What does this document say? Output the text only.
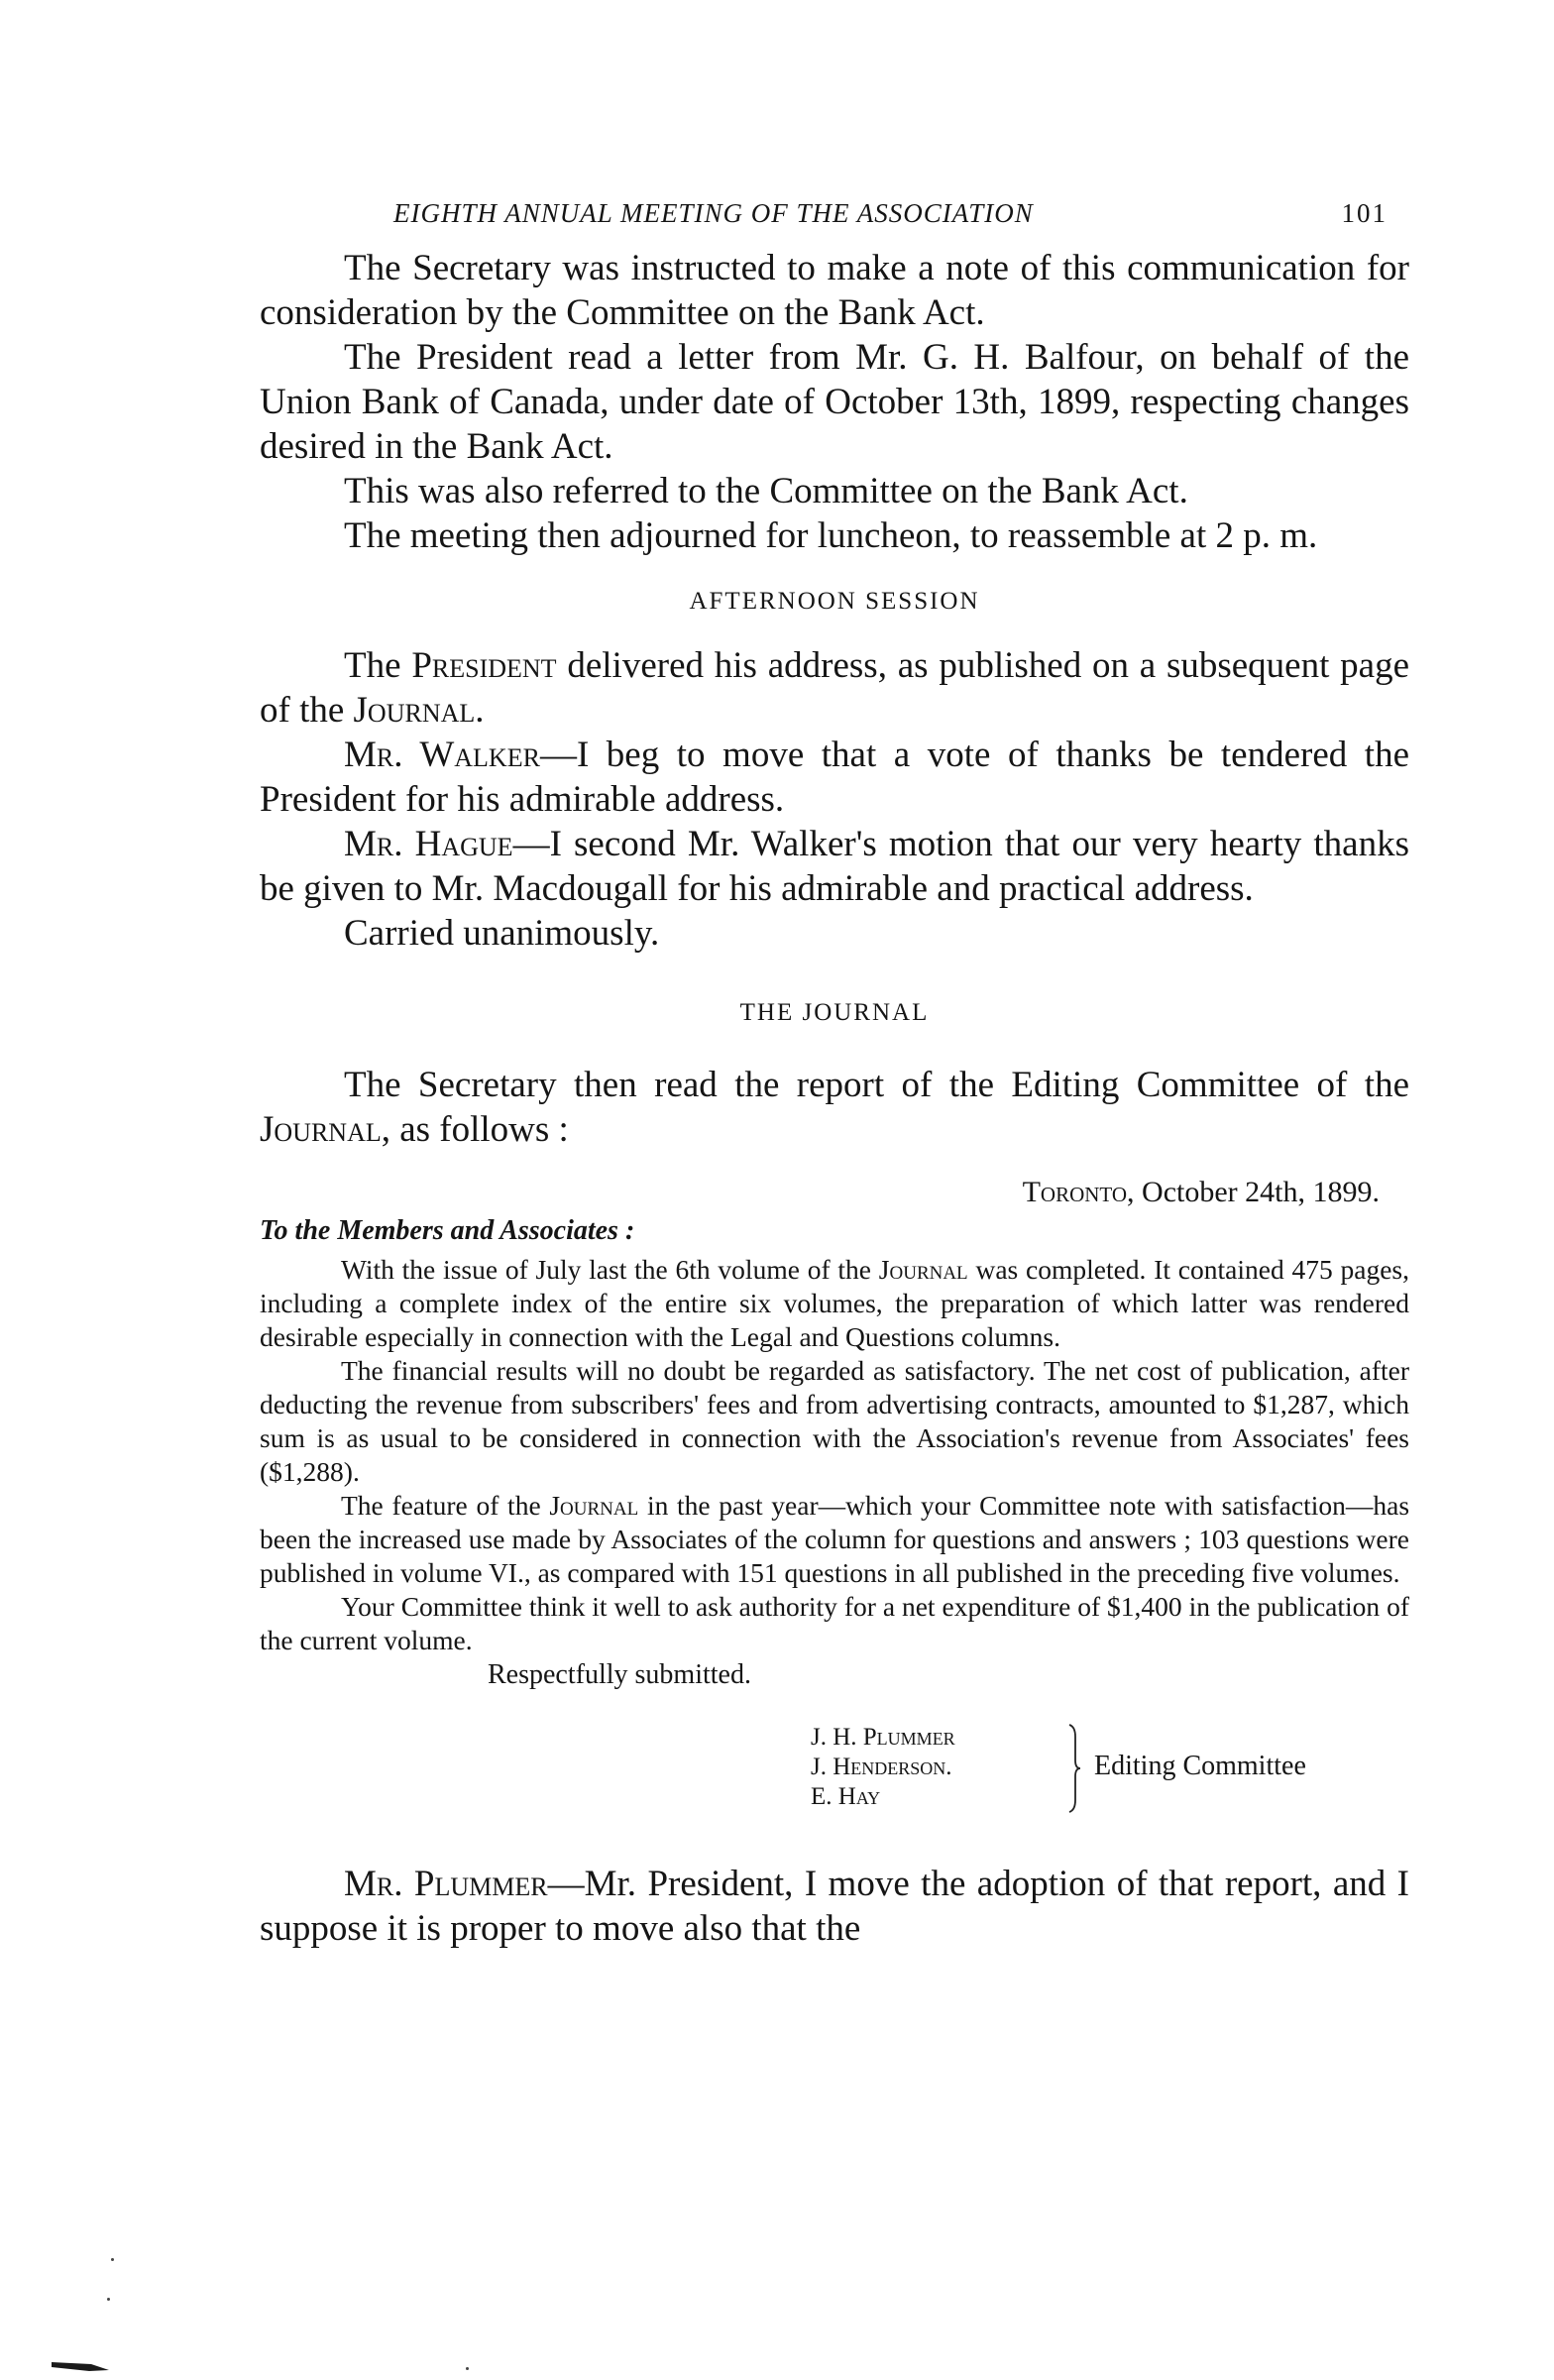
EIGHTH ANNUAL MEETING OF THE ASSOCIATION	101

The Secretary was instructed to make a note of this communication for consideration by the Committee on the Bank Act.

The President read a letter from Mr. G. H. Balfour, on behalf of the Union Bank of Canada, under date of October 13th, 1899, respecting changes desired in the Bank Act.

This was also referred to the Committee on the Bank Act.

The meeting then adjourned for luncheon, to reassemble at 2 p. m.

AFTERNOON SESSION

The President delivered his address, as published on a subsequent page of the Journal.

Mr. Walker—I beg to move that a vote of thanks be tendered the President for his admirable address.

Mr. Hague—I second Mr. Walker's motion that our very hearty thanks be given to Mr. Macdougall for his admirable and practical address.

Carried unanimously.

THE JOURNAL

The Secretary then read the report of the Editing Committee of the Journal, as follows :

Toronto, October 24th, 1899.

To the Members and Associates :

With the issue of July last the 6th volume of the Journal was completed. It contained 475 pages, including a complete index of the entire six volumes, the preparation of which latter was rendered desirable especially in connection with the Legal and Questions columns.

The financial results will no doubt be regarded as satisfactory. The net cost of publication, after deducting the revenue from subscribers' fees and from advertising contracts, amounted to $1,287, which sum is as usual to be considered in connection with the Association's revenue from Associates' fees ($1,288).

The feature of the Journal in the past year—which your Committee note with satisfaction—has been the increased use made by Associates of the column for questions and answers ; 103 questions were published in volume VI., as compared with 151 questions in all published in the preceding five volumes.

Your Committee think it well to ask authority for a net expenditure of $1,400 in the publication of the current volume.

Respectfully submitted.

J. H. Plummer
J. Henderson.
E. Hay
Editing Committee

Mr. Plummer—Mr. President, I move the adoption of that report, and I suppose it is proper to move also that the
